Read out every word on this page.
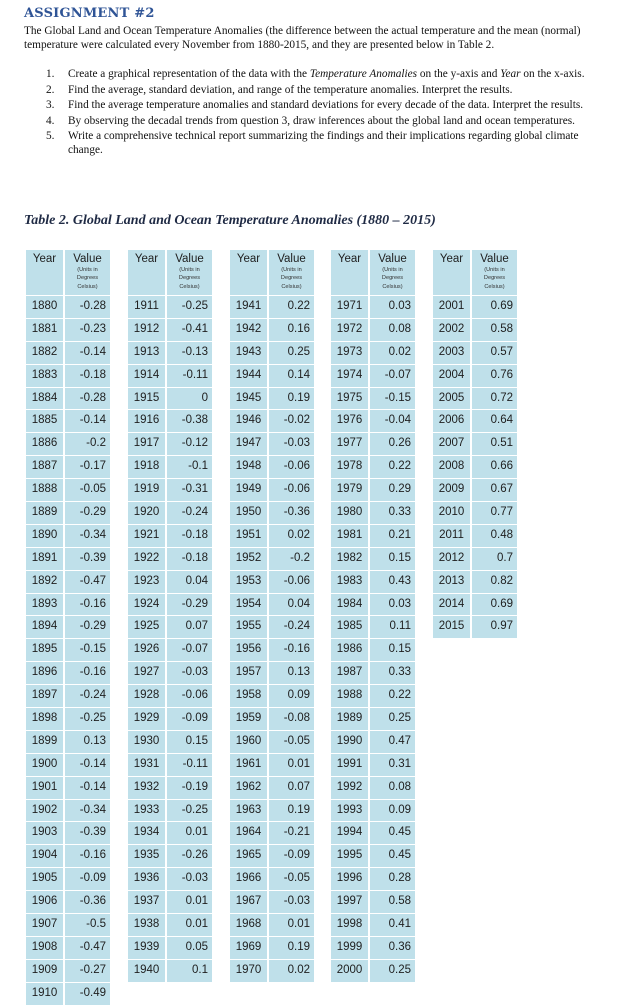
ASSIGNMENT #2
The Global Land and Ocean Temperature Anomalies (the difference between the actual temperature and the mean (normal) temperature were calculated every November from 1880-2015, and they are presented below in Table 2.
1. Create a graphical representation of the data with the Temperature Anomalies on the y-axis and Year on the x-axis.
2. Find the average, standard deviation, and range of the temperature anomalies. Interpret the results.
3. Find the average temperature anomalies and standard deviations for every decade of the data. Interpret the results.
4. By observing the decadal trends from question 3, draw inferences about the global land and ocean temperatures.
5. Write a comprehensive technical report summarizing the findings and their implications regarding global climate change.
Table 2. Global Land and Ocean Temperature Anomalies (1880 – 2015)
Year	Value
(Units in
Degrees
Celsius)
1880	-0.28
1881	-0.23
1882	-0.14
1883	-0.18
1884	-0.28
1885	-0.14
1886	-0.2
1887	-0.17
1888	-0.05
1889	-0.29
1890	-0.34
1891	-0.39
1892	-0.47
1893	-0.16
1894	-0.29
1895	-0.15
1896	-0.16
1897	-0.24
1898	-0.25
1899	0.13
1900	-0.14
1901	-0.14
1902	-0.34
1903	-0.39
1904	-0.16
1905	-0.09
1906	-0.36
1907	-0.5
1908	-0.47
1909	-0.27
1910	-0.49
Year	Value
(Units in
Degrees
Celsius)
1911	-0.25
1912	-0.41
1913	-0.13
1914	-0.11
1915	0
1916	-0.38
1917	-0.12
1918	-0.1
1919	-0.31
1920	-0.24
1921	-0.18
1922	-0.18
1923	0.04
1924	-0.29
1925	0.07
1926	-0.07
1927	-0.03
1928	-0.06
1929	-0.09
1930	0.15
1931	-0.11
1932	-0.19
1933	-0.25
1934	0.01
1935	-0.26
1936	-0.03
1937	0.01
1938	0.01
1939	0.05
1940	0.1
Year	Value
(Units in
Degrees
Celsius)
1941	0.22
1942	0.16
1943	0.25
1944	0.14
1945	0.19
1946	-0.02
1947	-0.03
1948	-0.06
1949	-0.06
1950	-0.36
1951	0.02
1952	-0.2
1953	-0.06
1954	0.04
1955	-0.24
1956	-0.16
1957	0.13
1958	0.09
1959	-0.08
1960	-0.05
1961	0.01
1962	0.07
1963	0.19
1964	-0.21
1965	-0.09
1966	-0.05
1967	-0.03
1968	0.01
1969	0.19
1970	0.02
Year	Value
(Units in
Degrees
Celsius)
1971	0.03
1972	0.08
1973	0.02
1974	-0.07
1975	-0.15
1976	-0.04
1977	0.26
1978	0.22
1979	0.29
1980	0.33
1981	0.21
1982	0.15
1983	0.43
1984	0.03
1985	0.11
1986	0.15
1987	0.33
1988	0.22
1989	0.25
1990	0.47
1991	0.31
1992	0.08
1993	0.09
1994	0.45
1995	0.45
1996	0.28
1997	0.58
1998	0.41
1999	0.36
2000	0.25
Year	Value
(Units in
Degrees
Celsius)
2001	0.69
2002	0.58
2003	0.57
2004	0.76
2005	0.72
2006	0.64
2007	0.51
2008	0.66
2009	0.67
2010	0.77
2011	0.48
2012	0.7
2013	0.82
2014	0.69
2015	0.97
